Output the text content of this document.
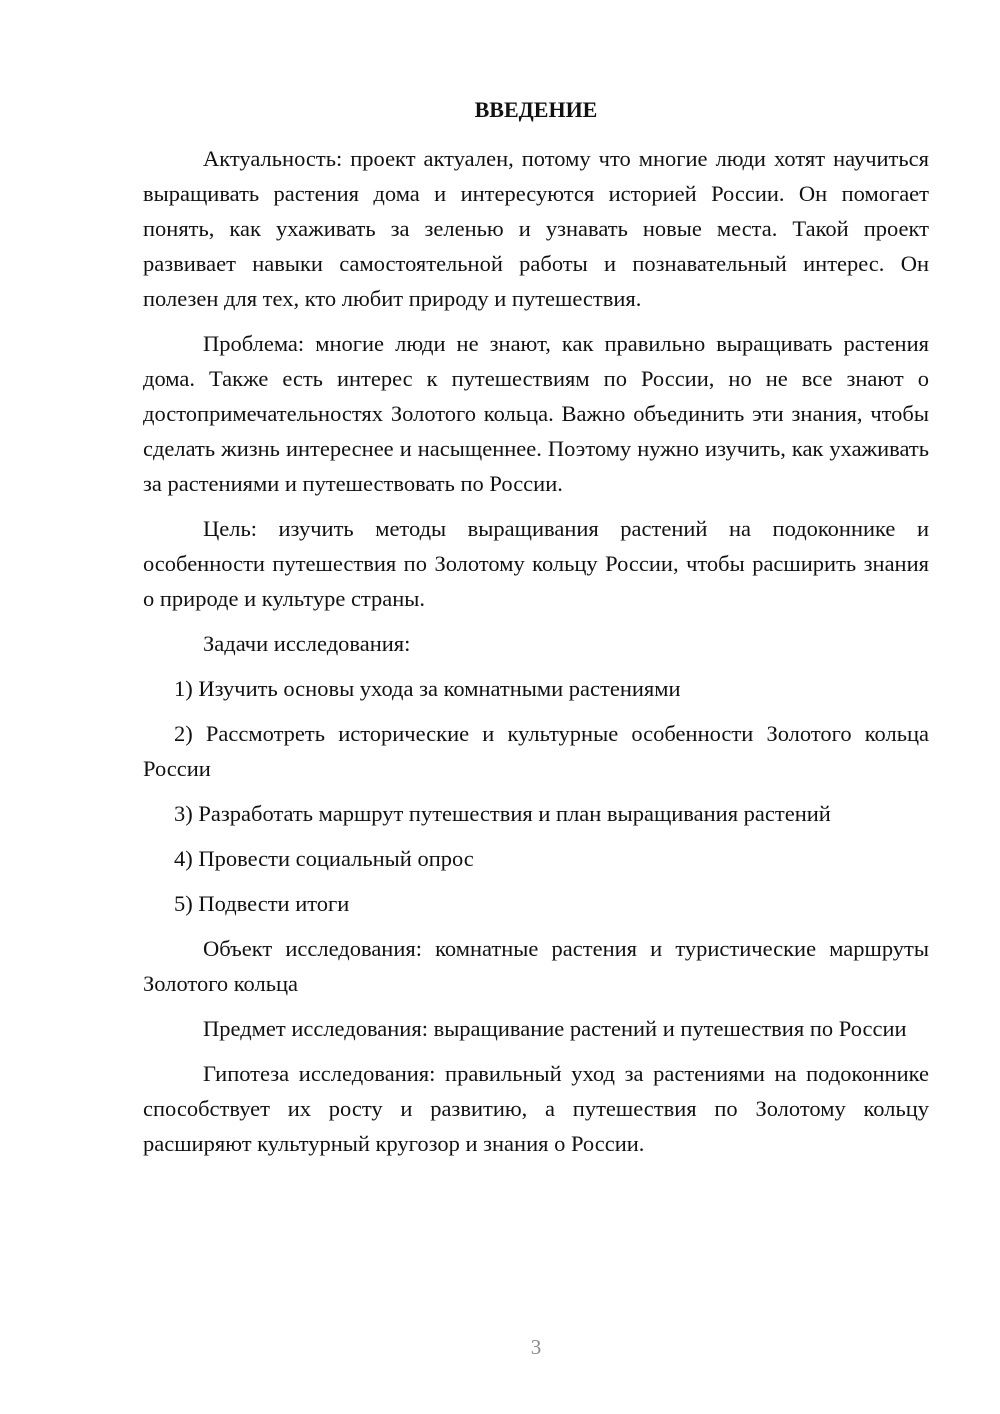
ВВЕДЕНИЕ

Актуальность: проект актуален, потому что многие люди хотят научиться выращивать растения дома и интересуются историей России. Он помогает понять, как ухаживать за зеленью и узнавать новые места. Такой проект развивает навыки самостоятельной работы и познавательный интерес. Он полезен для тех, кто любит природу и путешествия.

Проблема: многие люди не знают, как правильно выращивать растения дома. Также есть интерес к путешествиям по России, но не все знают о достопримечательностях Золотого кольца. Важно объединить эти знания, чтобы сделать жизнь интереснее и насыщеннее. Поэтому нужно изучить, как ухаживать за растениями и путешествовать по России.

Цель: изучить методы выращивания растений на подоконнике и особенности путешествия по Золотому кольцу России, чтобы расширить знания о природе и культуре страны.

Задачи исследования:

1) Изучить основы ухода за комнатными растениями

2) Рассмотреть исторические и культурные особенности Золотого кольца России

3) Разработать маршрут путешествия и план выращивания растений

4) Провести социальный опрос

5) Подвести итоги

Объект исследования: комнатные растения и туристические маршруты Золотого кольца

Предмет исследования: выращивание растений и путешествия по России

Гипотеза исследования: правильный уход за растениями на подоконнике способствует их росту и развитию, а путешествия по Золотому кольцу расширяют культурный кругозор и знания о России.

3
